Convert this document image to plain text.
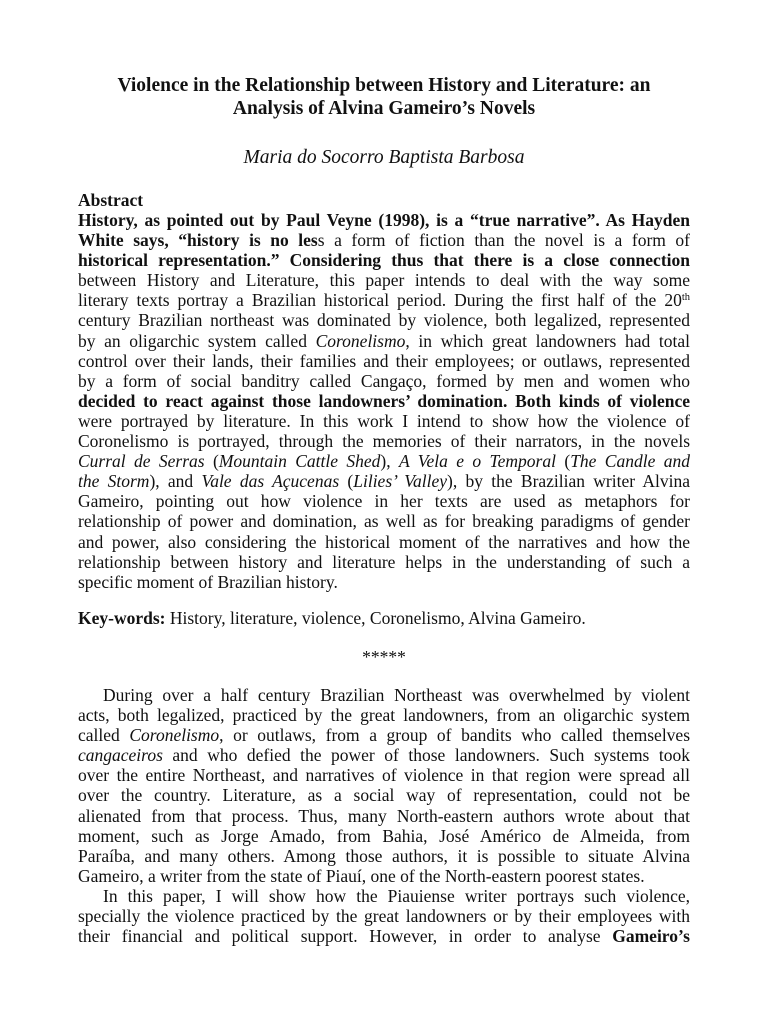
Violence in the Relationship between History and Literature: an
Analysis of Alvina Gameiro’s Novels
Maria do Socorro Baptista Barbosa
Abstract
History, as pointed out by Paul Veyne (1998), is a “true narrative”. As Hayden
White says, “history is no less a form of fiction than the novel is a form of
historical representation.” Considering thus that there is a close connection
between History and Literature, this paper intends to deal with the way some
literary texts portray a Brazilian historical period. During the first half of the 20th
century Brazilian northeast was dominated by violence, both legalized, represented
by an oligarchic system called Coronelismo, in which great landowners had total
control over their lands, their families and their employees; or outlaws, represented
by a form of social banditry called Cangaço, formed by men and women who
decided to react against those landowners’ domination. Both kinds of violence
were portrayed by literature. In this work I intend to show how the violence of
Coronelismo is portrayed, through the memories of their narrators, in the novels
Curral de Serras (Mountain Cattle Shed), A Vela e o Temporal (The Candle and
the Storm), and Vale das Açucenas (Lilies’ Valley), by the Brazilian writer Alvina
Gameiro, pointing out how violence in her texts are used as metaphors for
relationship of power and domination, as well as for breaking paradigms of gender
and power, also considering the historical moment of the narratives and how the
relationship between history and literature helps in the understanding of such a
specific moment of Brazilian history.
Key-words: History, literature, violence, Coronelismo, Alvina Gameiro.
*****
During over a half century Brazilian Northeast was overwhelmed by violent
acts, both legalized, practiced by the great landowners, from an oligarchic system
called Coronelismo, or outlaws, from a group of bandits who called themselves
cangaceiros and who defied the power of those landowners. Such systems took
over the entire Northeast, and narratives of violence in that region were spread all
over the country. Literature, as a social way of representation, could not be
alienated from that process. Thus, many North-eastern authors wrote about that
moment, such as Jorge Amado, from Bahia, José Américo de Almeida, from
Paraíba, and many others. Among those authors, it is possible to situate Alvina
Gameiro, a writer from the state of Piauí, one of the North-eastern poorest states.
In this paper, I will show how the Piauiense writer portrays such violence,
specially the violence practiced by the great landowners or by their employees with
their financial and political support. However, in order to analyse Gameiro’s
